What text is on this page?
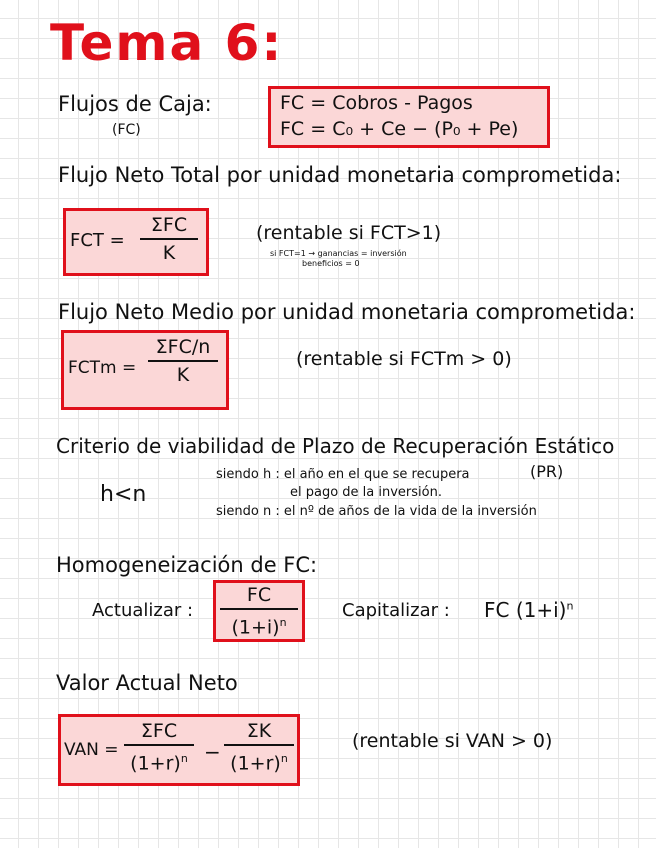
Tema 6:
Flujos de Caja:
(FC)
FC = Cobros - Pagos
FC = C₀ + Ce − (P₀ + Pe)
Flujo Neto Total por unidad monetaria comprometida:
FCT =
ΣFC
K
(rentable si FCT>1)
si FCT=1 → ganancias = inversión
beneficios = 0
Flujo Neto Medio por unidad monetaria comprometida:
FCTm =
ΣFC/n
K
(rentable si FCTm > 0)
Criterio de viabilidad de Plazo de Recuperación Estático
(PR)
h<n
siendo h : el año en el que se recupera
el pago de la inversión.
siendo n : el nº de años de la vida de la inversión
Homogeneización de FC:
Actualizar :
FC
$(1+i)^n$
Capitalizar : FC $(1+i)^n$
Valor Actual Neto
VAN =
ΣFC
$(1+r)^n$ −
ΣK
$(1+r)^n$
(rentable si VAN > 0)
